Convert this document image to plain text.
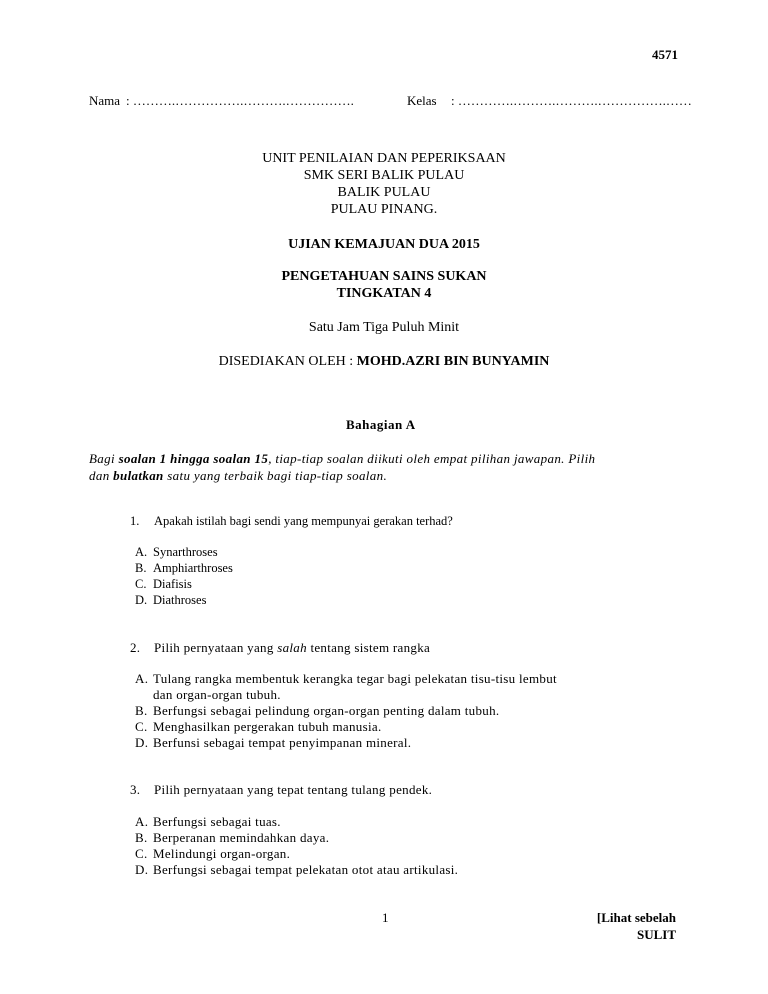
4571
Nama : ……….…………….……….…………….	Kelas : ………….……….……….…………….……
UNIT PENILAIAN DAN PEPERIKSAAN
SMK SERI BALIK PULAU
BALIK PULAU
PULAU PINANG.
UJIAN KEMAJUAN DUA 2015
PENGETAHUAN SAINS SUKAN
TINGKATAN 4
Satu Jam Tiga Puluh Minit
DISEDIAKAN OLEH : MOHD.AZRI BIN BUNYAMIN
Bahagian A
Bagi soalan 1 hingga soalan 15, tiap-tiap soalan diikuti oleh empat pilihan jawapan. Pilih
dan bulatkan satu yang terbaik bagi tiap-tiap soalan.
1. Apakah istilah bagi sendi yang mempunyai gerakan terhad?
A. Synarthroses
B. Amphiarthroses
C. Diafisis
D. Diathroses
2. Pilih pernyataan yang salah tentang sistem rangka
A. Tulang rangka membentuk kerangka tegar bagi pelekatan tisu-tisu lembut
dan organ-organ tubuh.
B. Berfungsi sebagai pelindung organ-organ penting dalam tubuh.
C. Menghasilkan pergerakan tubuh manusia.
D. Berfunsi sebagai tempat penyimpanan mineral.
3. Pilih pernyataan yang tepat tentang tulang pendek.
A. Berfungsi sebagai tuas.
B. Berperanan memindahkan daya.
C. Melindungi organ-organ.
D. Berfungsi sebagai tempat pelekatan otot atau artikulasi.
1	[Lihat sebelah
SULIT
